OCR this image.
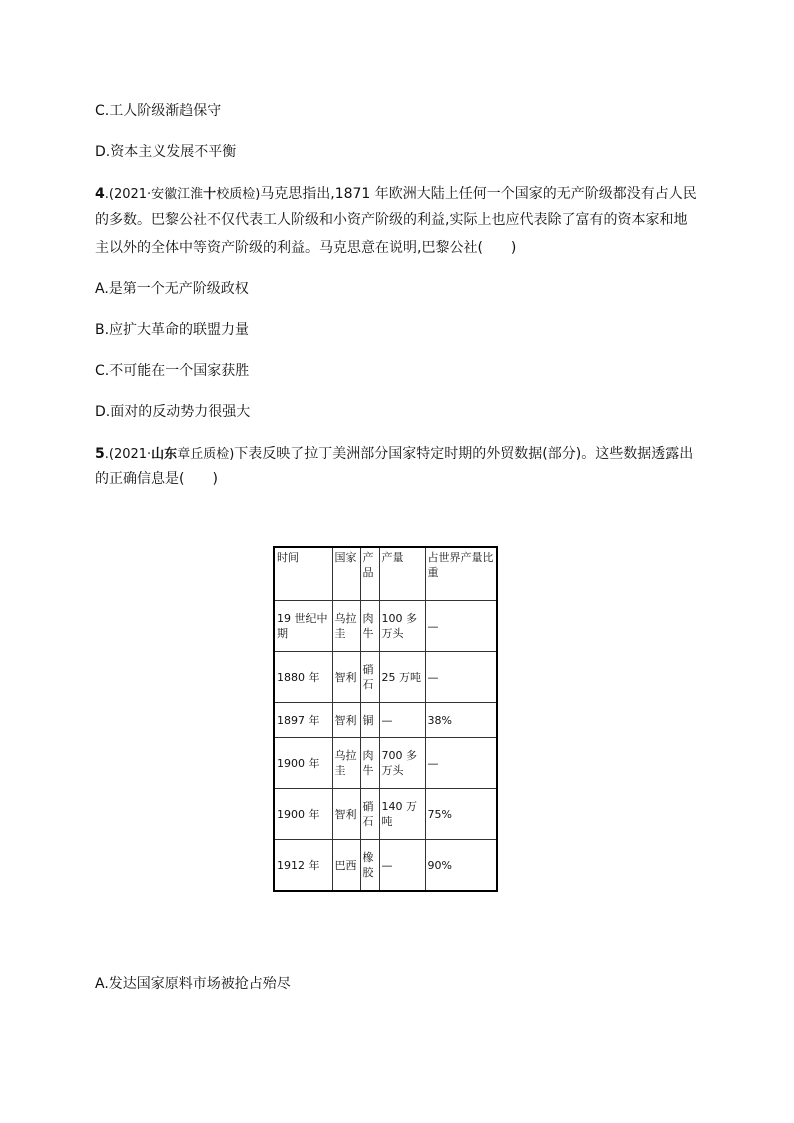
C.工人阶级渐趋保守
D.资本主义发展不平衡
4.(2021·安徽江淮十校质检)马克思指出,1871 年欧洲大陆上任何一个国家的无产阶级都没有占人民
的多数。巴黎公社不仅代表工人阶级和小资产阶级的利益,实际上也应代表除了富有的资本家和地
主以外的全体中等资产阶级的利益。马克思意在说明,巴黎公社(　　)
A.是第一个无产阶级政权
B.应扩大革命的联盟力量
C.不可能在一个国家获胜
D.面对的反动势力很强大
5.(2021·山东章丘质检)下表反映了拉丁美洲部分国家特定时期的外贸数据(部分)。这些数据透露出
的正确信息是(　　)
时间	国家	产品	产量	占世界产量比重
19 世纪中期	乌拉圭	肉牛	100 多万头	—
1880 年	智利	硝石	25 万吨	—
1897 年	智利	铜	—	38%
1900 年	乌拉圭	肉牛	700 多万头	—
1900 年	智利	硝石	140 万吨	75%
1912 年	巴西	橡胶	—	90%
A.发达国家原料市场被抢占殆尽
